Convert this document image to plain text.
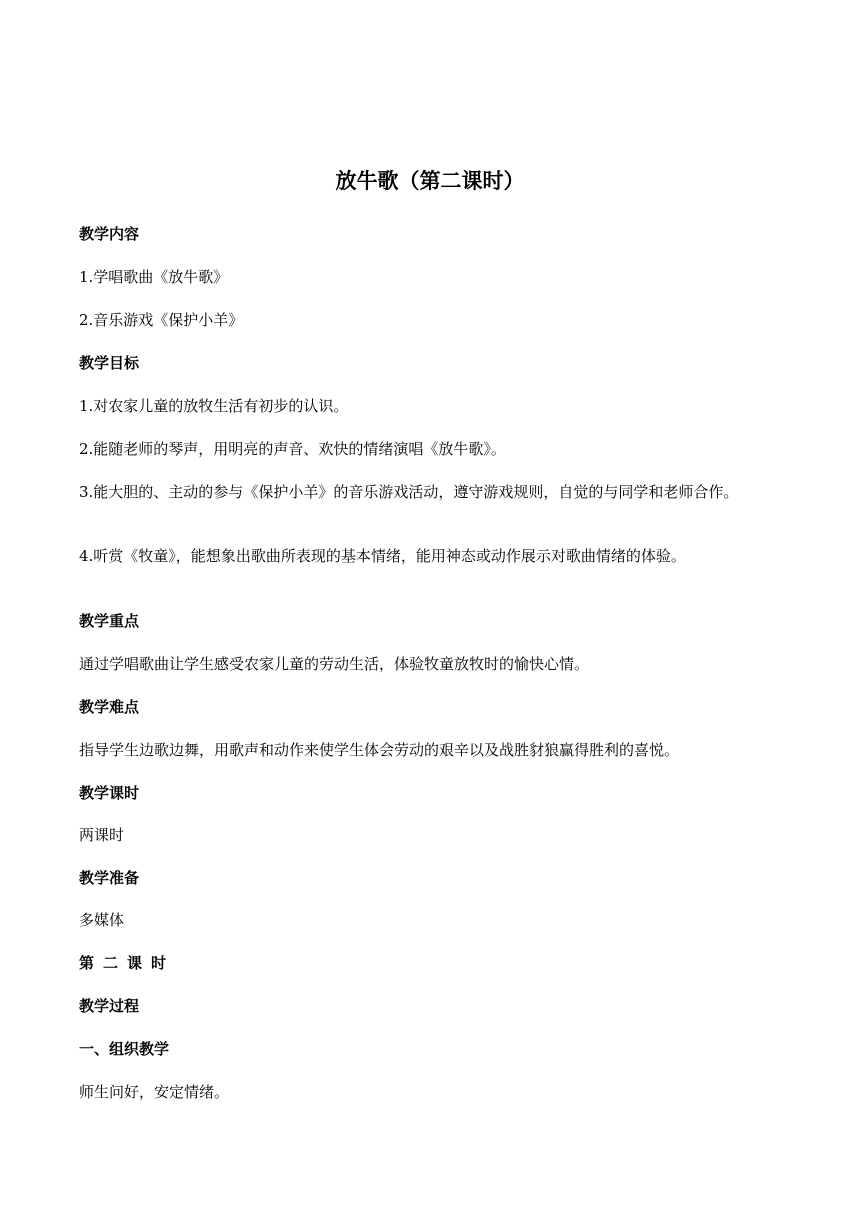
放牛歌（第二课时）
教学内容
1.学唱歌曲《放牛歌》
2.音乐游戏《保护小羊》
教学目标
1.对农家儿童的放牧生活有初步的认识。
2.能随老师的琴声，用明亮的声音、欢快的情绪演唱《放牛歌》。
3.能大胆的、主动的参与《保护小羊》的音乐游戏活动，遵守游戏规则，自觉的与同学和老师合作。
4.听赏《牧童》，能想象出歌曲所表现的基本情绪，能用神态或动作展示对歌曲情绪的体验。
教学重点
通过学唱歌曲让学生感受农家儿童的劳动生活，体验牧童放牧时的愉快心情。
教学难点
指导学生边歌边舞，用歌声和动作来使学生体会劳动的艰辛以及战胜豺狼赢得胜利的喜悦。
教学课时
两课时
教学准备
多媒体
第二课时
教学过程
一、组织教学
师生问好，安定情绪。
